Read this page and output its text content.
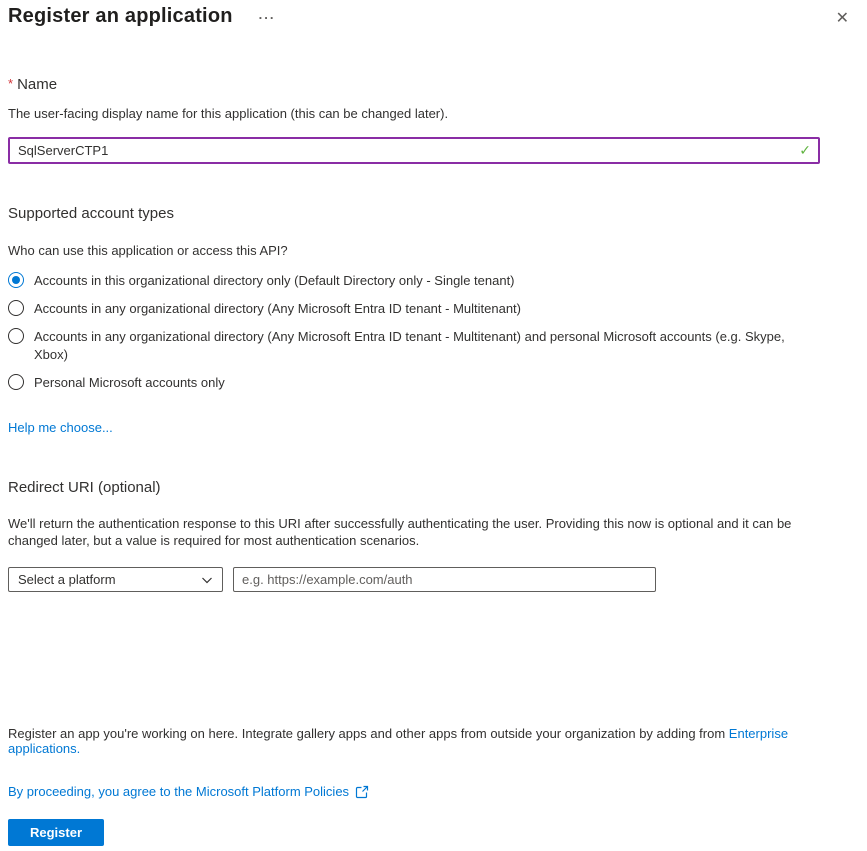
Register an application ...	✕
* Name
The user-facing display name for this application (this can be changed later).
SqlServerCTP1
✓
Supported account types
Who can use this application or access this API?
Accounts in this organizational directory only (Default Directory only - Single tenant)
Accounts in any organizational directory (Any Microsoft Entra ID tenant - Multitenant)
Accounts in any organizational directory (Any Microsoft Entra ID tenant - Multitenant) and personal Microsoft accounts (e.g. Skype, Xbox)
Personal Microsoft accounts only
Help me choose...
Redirect URI (optional)
We'll return the authentication response to this URI after successfully authenticating the user. Providing this now is optional and it can be changed later, but a value is required for most authentication scenarios.
Select a platform
e.g. https://example.com/auth
Register an app you're working on here. Integrate gallery apps and other apps from outside your organization by adding from Enterprise applications.
By proceeding, you agree to the Microsoft Platform Policies
Register
